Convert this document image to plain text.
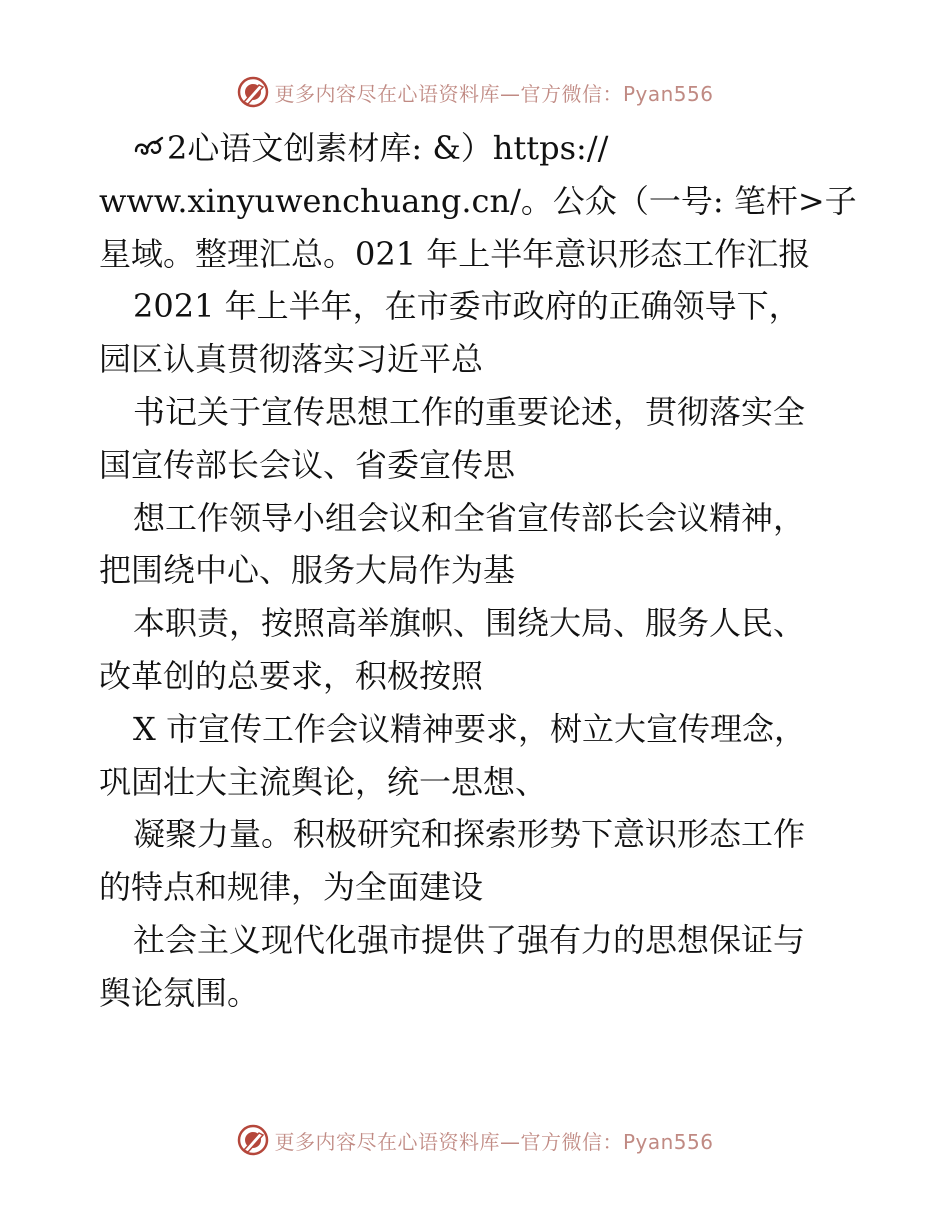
更多内容尽在心语资料库—官方微信：Pyan556
2心语文创素材库: &）https://
www.xinyuwenchuang.cn/。公众（一号: 笔杆>子
星域。整理汇总。021 年上半年意识形态工作汇报
2021 年上半年，在市委市政府的正确领导下，
园区认真贯彻落实习近平总
书记关于宣传思想工作的重要论述，贯彻落实全
国宣传部长会议、省委宣传思
想工作领导小组会议和全省宣传部长会议精神，
把围绕中心、服务大局作为基
本职责，按照高举旗帜、围绕大局、服务人民、
改革创的总要求，积极按照
X 市宣传工作会议精神要求，树立大宣传理念，
巩固壮大主流舆论，统一思想、
凝聚力量。积极研究和探索形势下意识形态工作
的特点和规律，为全面建设
社会主义现代化强市提供了强有力的思想保证与
舆论氛围。
更多内容尽在心语资料库—官方微信：Pyan556
